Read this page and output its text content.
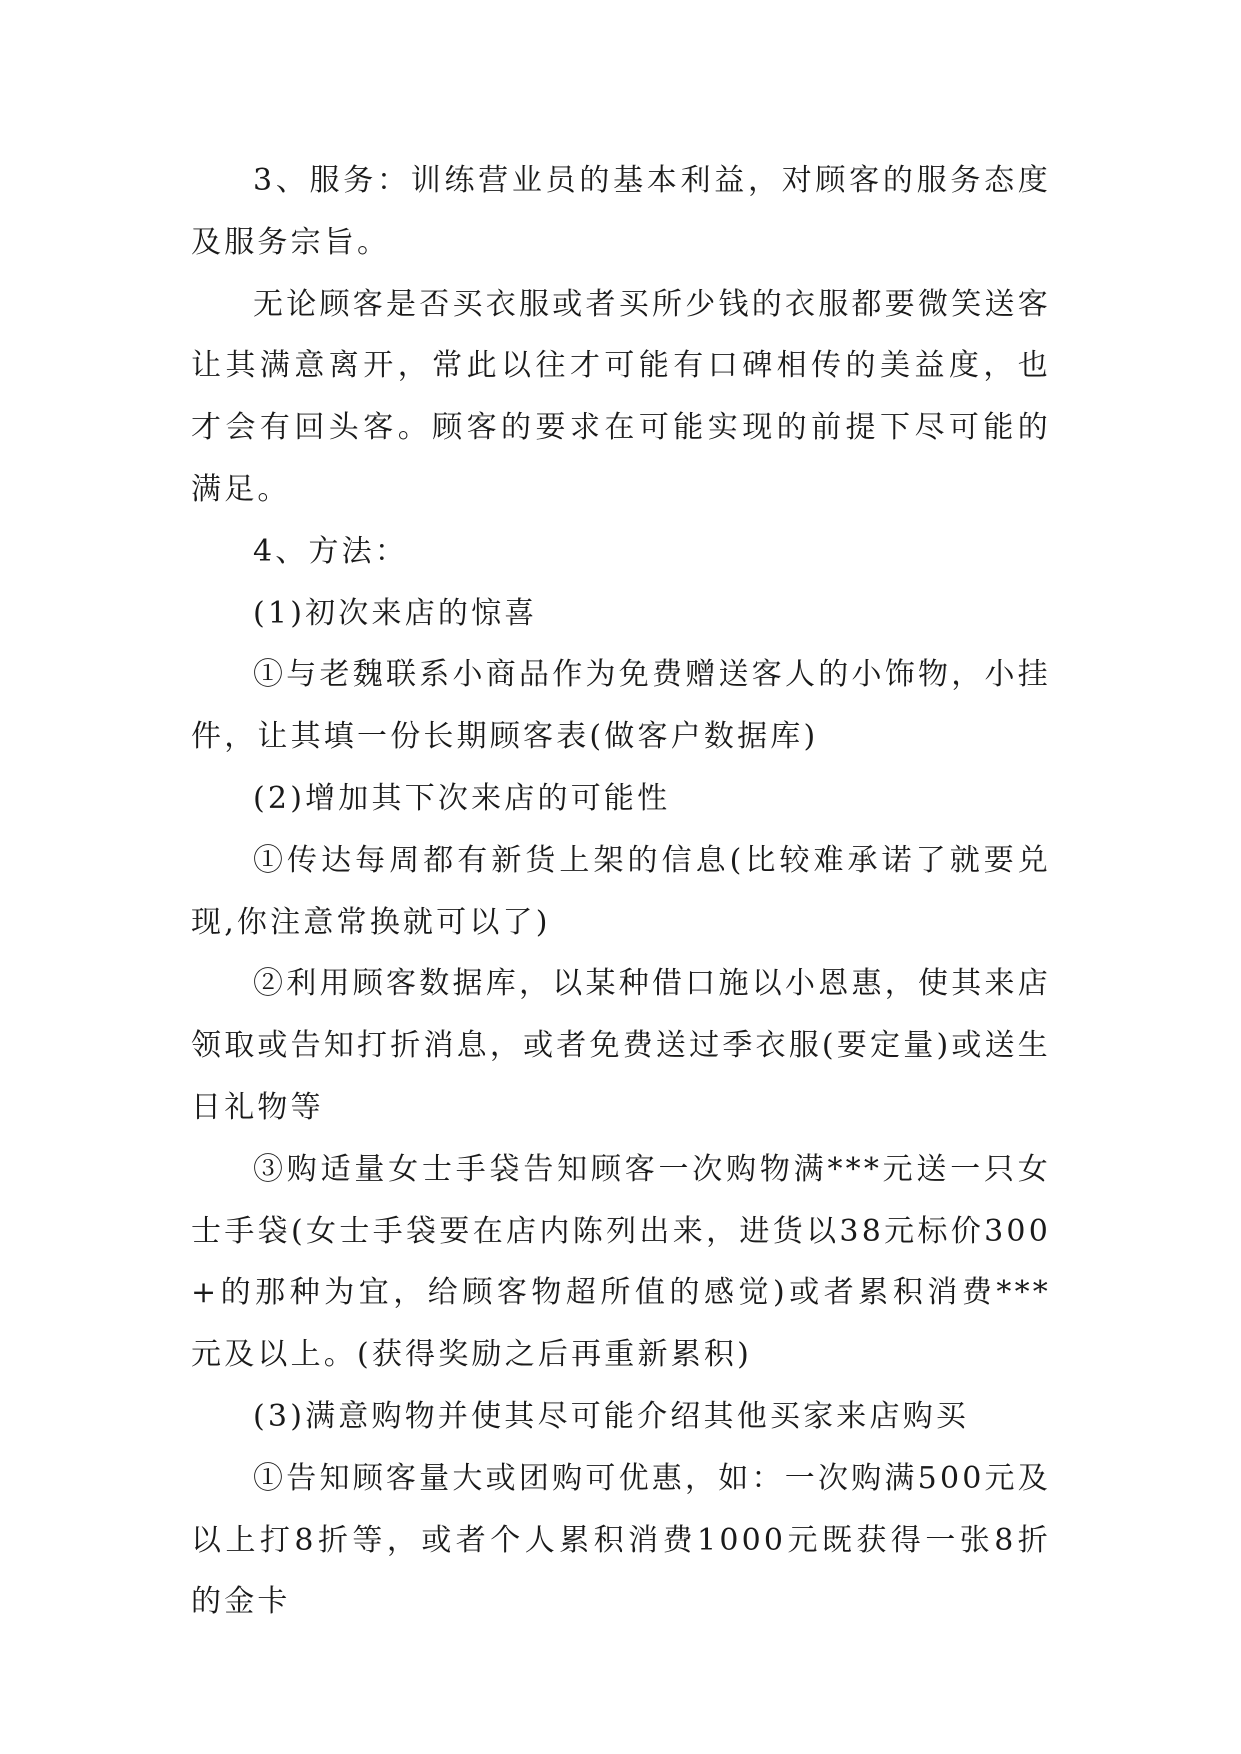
3、服务：训练营业员的基本利益，对顾客的服务态度及服务宗旨。

无论顾客是否买衣服或者买所少钱的衣服都要微笑送客让其满意离开，常此以往才可能有口碑相传的美益度，也才会有回头客。顾客的要求在可能实现的前提下尽可能的满足。

4、方法：

(1)初次来店的惊喜

①与老魏联系小商品作为免费赠送客人的小饰物，小挂件，让其填一份长期顾客表(做客户数据库)

(2)增加其下次来店的可能性

①传达每周都有新货上架的信息(比较难承诺了就要兑现,你注意常换就可以了)

②利用顾客数据库，以某种借口施以小恩惠，使其来店领取或告知打折消息，或者免费送过季衣服(要定量)或送生日礼物等

③购适量女士手袋告知顾客一次购物满***元送一只女士手袋(女士手袋要在店内陈列出来，进货以38元标价300+的那种为宜，给顾客物超所值的感觉)或者累积消费***元及以上。(获得奖励之后再重新累积)

(3)满意购物并使其尽可能介绍其他买家来店购买

①告知顾客量大或团购可优惠，如：一次购满500元及以上打8折等，或者个人累积消费1000元既获得一张8折的金卡
